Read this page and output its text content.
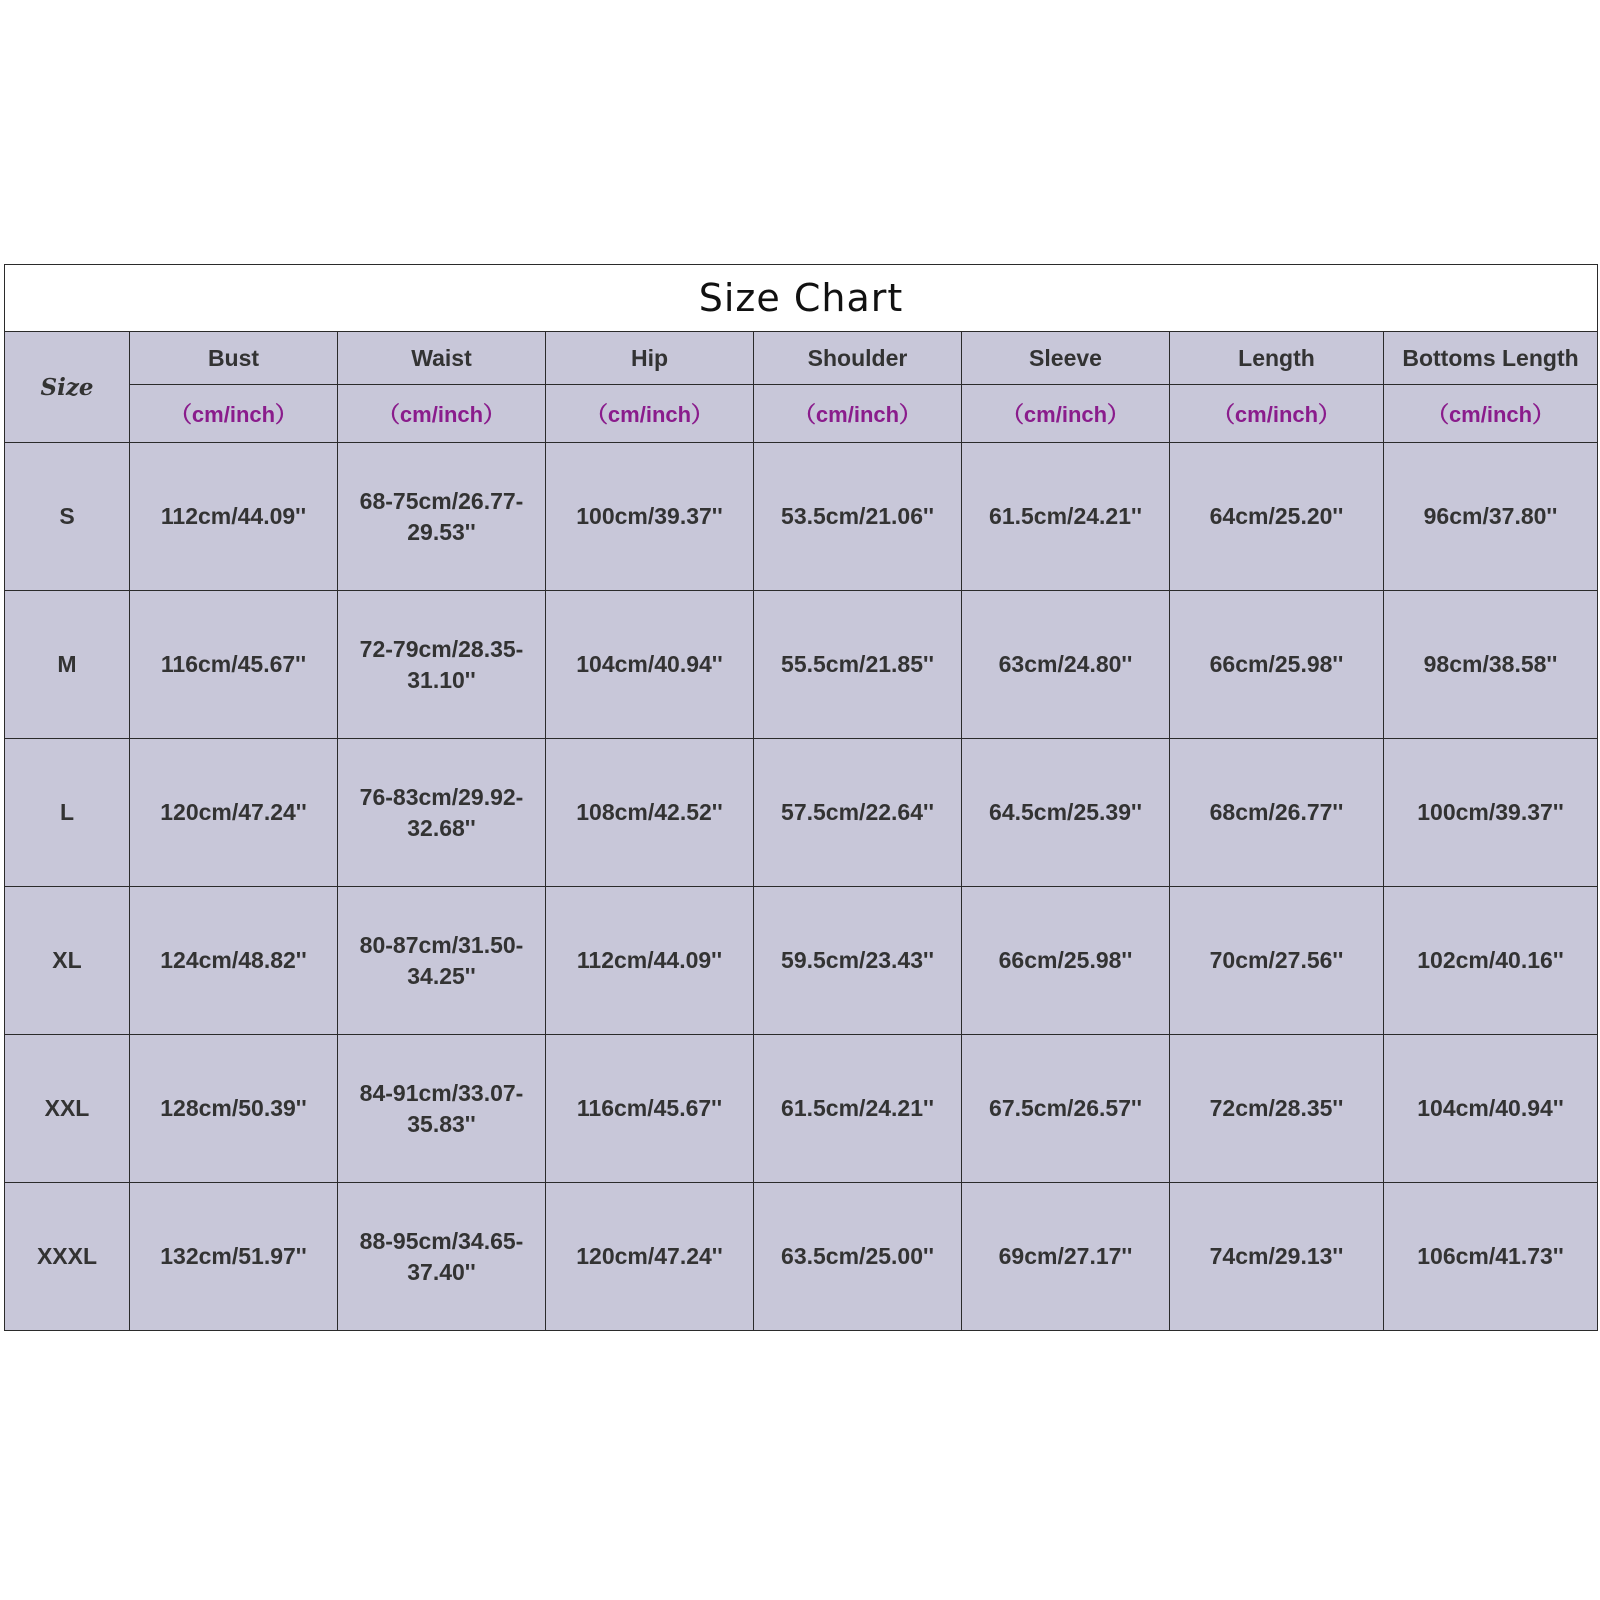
Size Chart							
Size	Bust	Waist	Hip	Shoulder	Sleeve	Length	Bottoms Length
	（cm/inch）	（cm/inch）	（cm/inch）	（cm/inch）	（cm/inch）	（cm/inch）	（cm/inch）
S	112cm/44.09''	68-75cm/26.77-29.53''	100cm/39.37''	53.5cm/21.06''	61.5cm/24.21''	64cm/25.20''	96cm/37.80''
M	116cm/45.67''	72-79cm/28.35-31.10''	104cm/40.94''	55.5cm/21.85''	63cm/24.80''	66cm/25.98''	98cm/38.58''
L	120cm/47.24''	76-83cm/29.92-32.68''	108cm/42.52''	57.5cm/22.64''	64.5cm/25.39''	68cm/26.77''	100cm/39.37''
XL	124cm/48.82''	80-87cm/31.50-34.25''	112cm/44.09''	59.5cm/23.43''	66cm/25.98''	70cm/27.56''	102cm/40.16''
XXL	128cm/50.39''	84-91cm/33.07-35.83''	116cm/45.67''	61.5cm/24.21''	67.5cm/26.57''	72cm/28.35''	104cm/40.94''
XXXL	132cm/51.97''	88-95cm/34.65-37.40''	120cm/47.24''	63.5cm/25.00''	69cm/27.17''	74cm/29.13''	106cm/41.73''
